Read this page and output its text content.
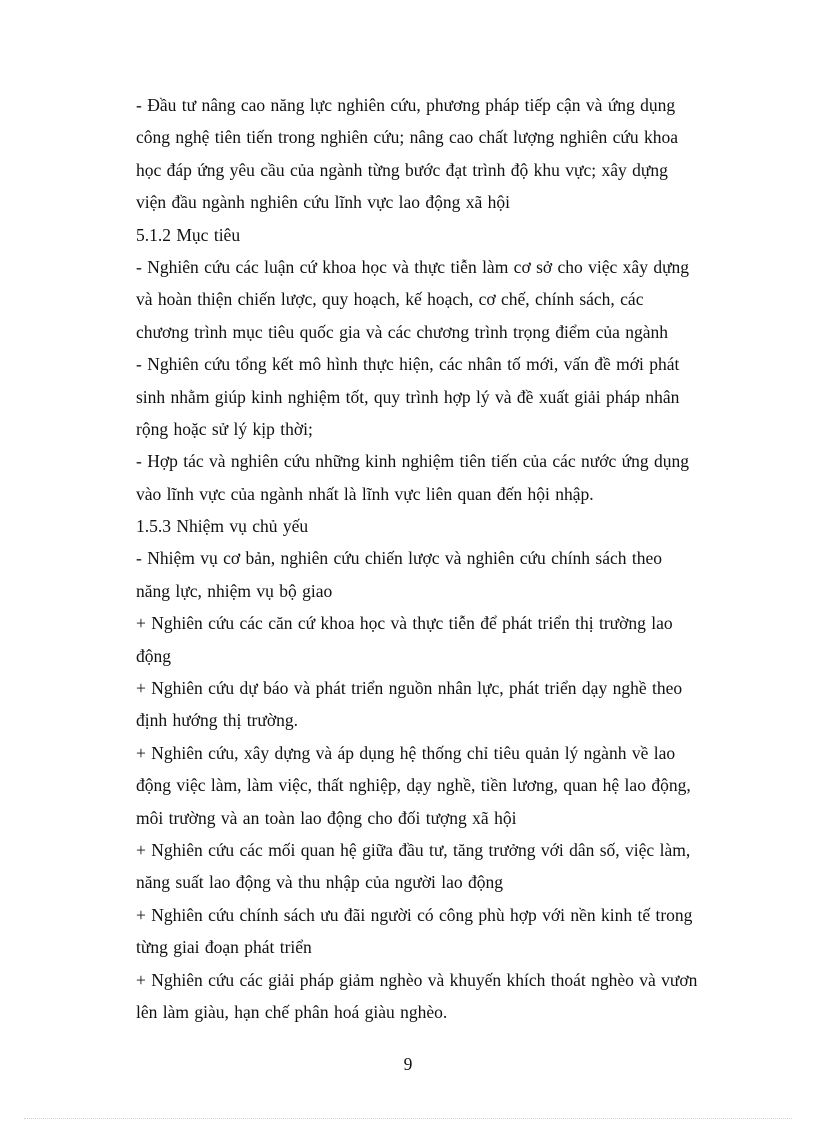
- Đầu tư nâng cao năng lực nghiên cứu, phương pháp tiếp cận và ứng dụng
công nghệ tiên tiến trong nghiên cứu; nâng cao chất lượng nghiên cứu khoa
học đáp ứng yêu cầu của ngành từng bước đạt trình độ khu vực; xây dựng
viện đầu ngành nghiên cứu lĩnh vực lao động xã hội
5.1.2 Mục tiêu
- Nghiên cứu các luận cứ khoa học và thực tiễn làm cơ sở cho việc xây dựng
và hoàn thiện chiến lược, quy hoạch, kế hoạch, cơ chế, chính sách, các
chương trình mục tiêu quốc gia và các chương trình trọng điểm của ngành
- Nghiên cứu tổng kết mô hình thực hiện, các nhân tố mới, vấn đề mới phát
sinh nhằm giúp kinh nghiệm tốt, quy trình hợp lý và đề xuất giải pháp nhân
rộng hoặc sử lý kịp thời;
- Hợp tác và nghiên cứu những kinh nghiệm tiên tiến của các nước ứng dụng
vào lĩnh vực của ngành nhất là lĩnh vực liên quan đến hội nhập.
1.5.3 Nhiệm vụ chủ yếu
- Nhiệm vụ cơ bản, nghiên cứu chiến lược và nghiên cứu chính sách theo
năng lực, nhiệm vụ bộ giao
+ Nghiên cứu các căn cứ khoa học và thực tiễn để phát triển thị trường lao
động
+ Nghiên cứu dự báo và phát triển nguồn nhân lực, phát triển dạy nghề theo
định hướng thị trường.
+ Nghiên cứu, xây dựng và áp dụng hệ thống chỉ tiêu quản lý ngành về lao
động việc làm, làm việc, thất nghiệp, dạy nghề, tiền lương, quan hệ lao động,
môi trường và an toàn lao động cho đối tượng xã hội
+ Nghiên cứu các mối quan hệ giữa đầu tư, tăng trưởng với dân số, việc làm,
năng suất lao động và thu nhập của người lao động
+ Nghiên cứu chính sách ưu đãi người có công phù hợp với nền kinh tế trong
từng giai đoạn phát triển
+ Nghiên cứu các giải pháp giảm nghèo và khuyến khích thoát nghèo và vươn
lên làm giàu, hạn chế phân hoá giàu nghèo.
9
